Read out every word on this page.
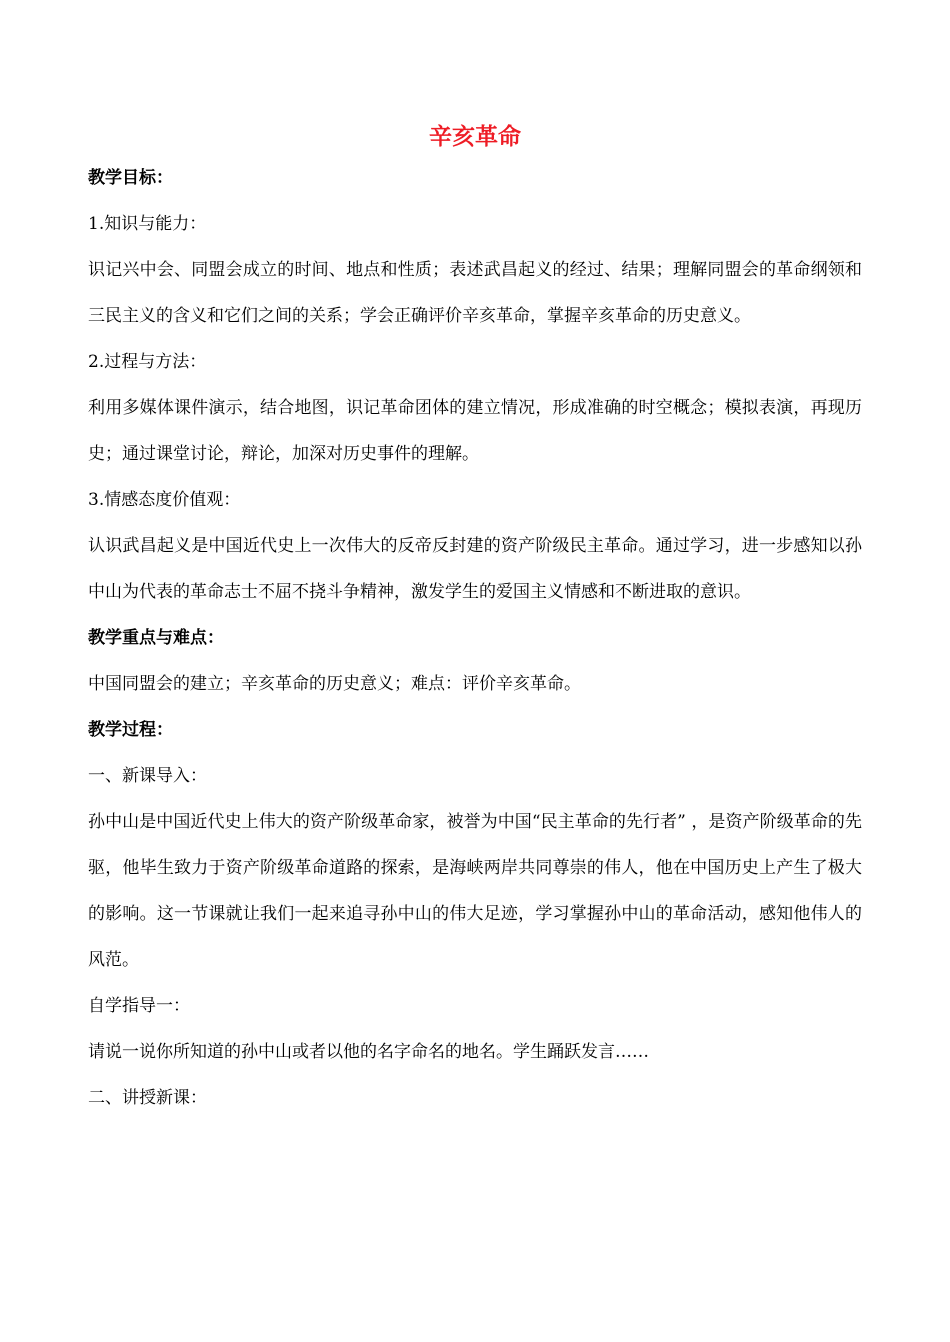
辛亥革命
教学目标：
1.知识与能力：
识记兴中会、同盟会成立的时间、地点和性质；表述武昌起义的经过、结果；理解同盟会的革命纲领和三民主义的含义和它们之间的关系；学会正确评价辛亥革命，掌握辛亥革命的历史意义。
2.过程与方法：
利用多媒体课件演示，结合地图，识记革命团体的建立情况，形成准确的时空概念；模拟表演，再现历史；通过课堂讨论，辩论，加深对历史事件的理解。
3.情感态度价值观：
认识武昌起义是中国近代史上一次伟大的反帝反封建的资产阶级民主革命。通过学习，进一步感知以孙中山为代表的革命志士不屈不挠斗争精神，激发学生的爱国主义情感和不断进取的意识。
教学重点与难点：
中国同盟会的建立；辛亥革命的历史意义；难点：评价辛亥革命。
教学过程：
一、新课导入：
孙中山是中国近代史上伟大的资产阶级革命家，被誉为中国“民主革命的先行者” ，是资产阶级革命的先驱，他毕生致力于资产阶级革命道路的探索，是海峡两岸共同尊崇的伟人，他在中国历史上产生了极大的影响。这一节课就让我们一起来追寻孙中山的伟大足迹，学习掌握孙中山的革命活动，感知他伟人的风范。
自学指导一：
请说一说你所知道的孙中山或者以他的名字命名的地名。学生踊跃发言……
二、讲授新课：
